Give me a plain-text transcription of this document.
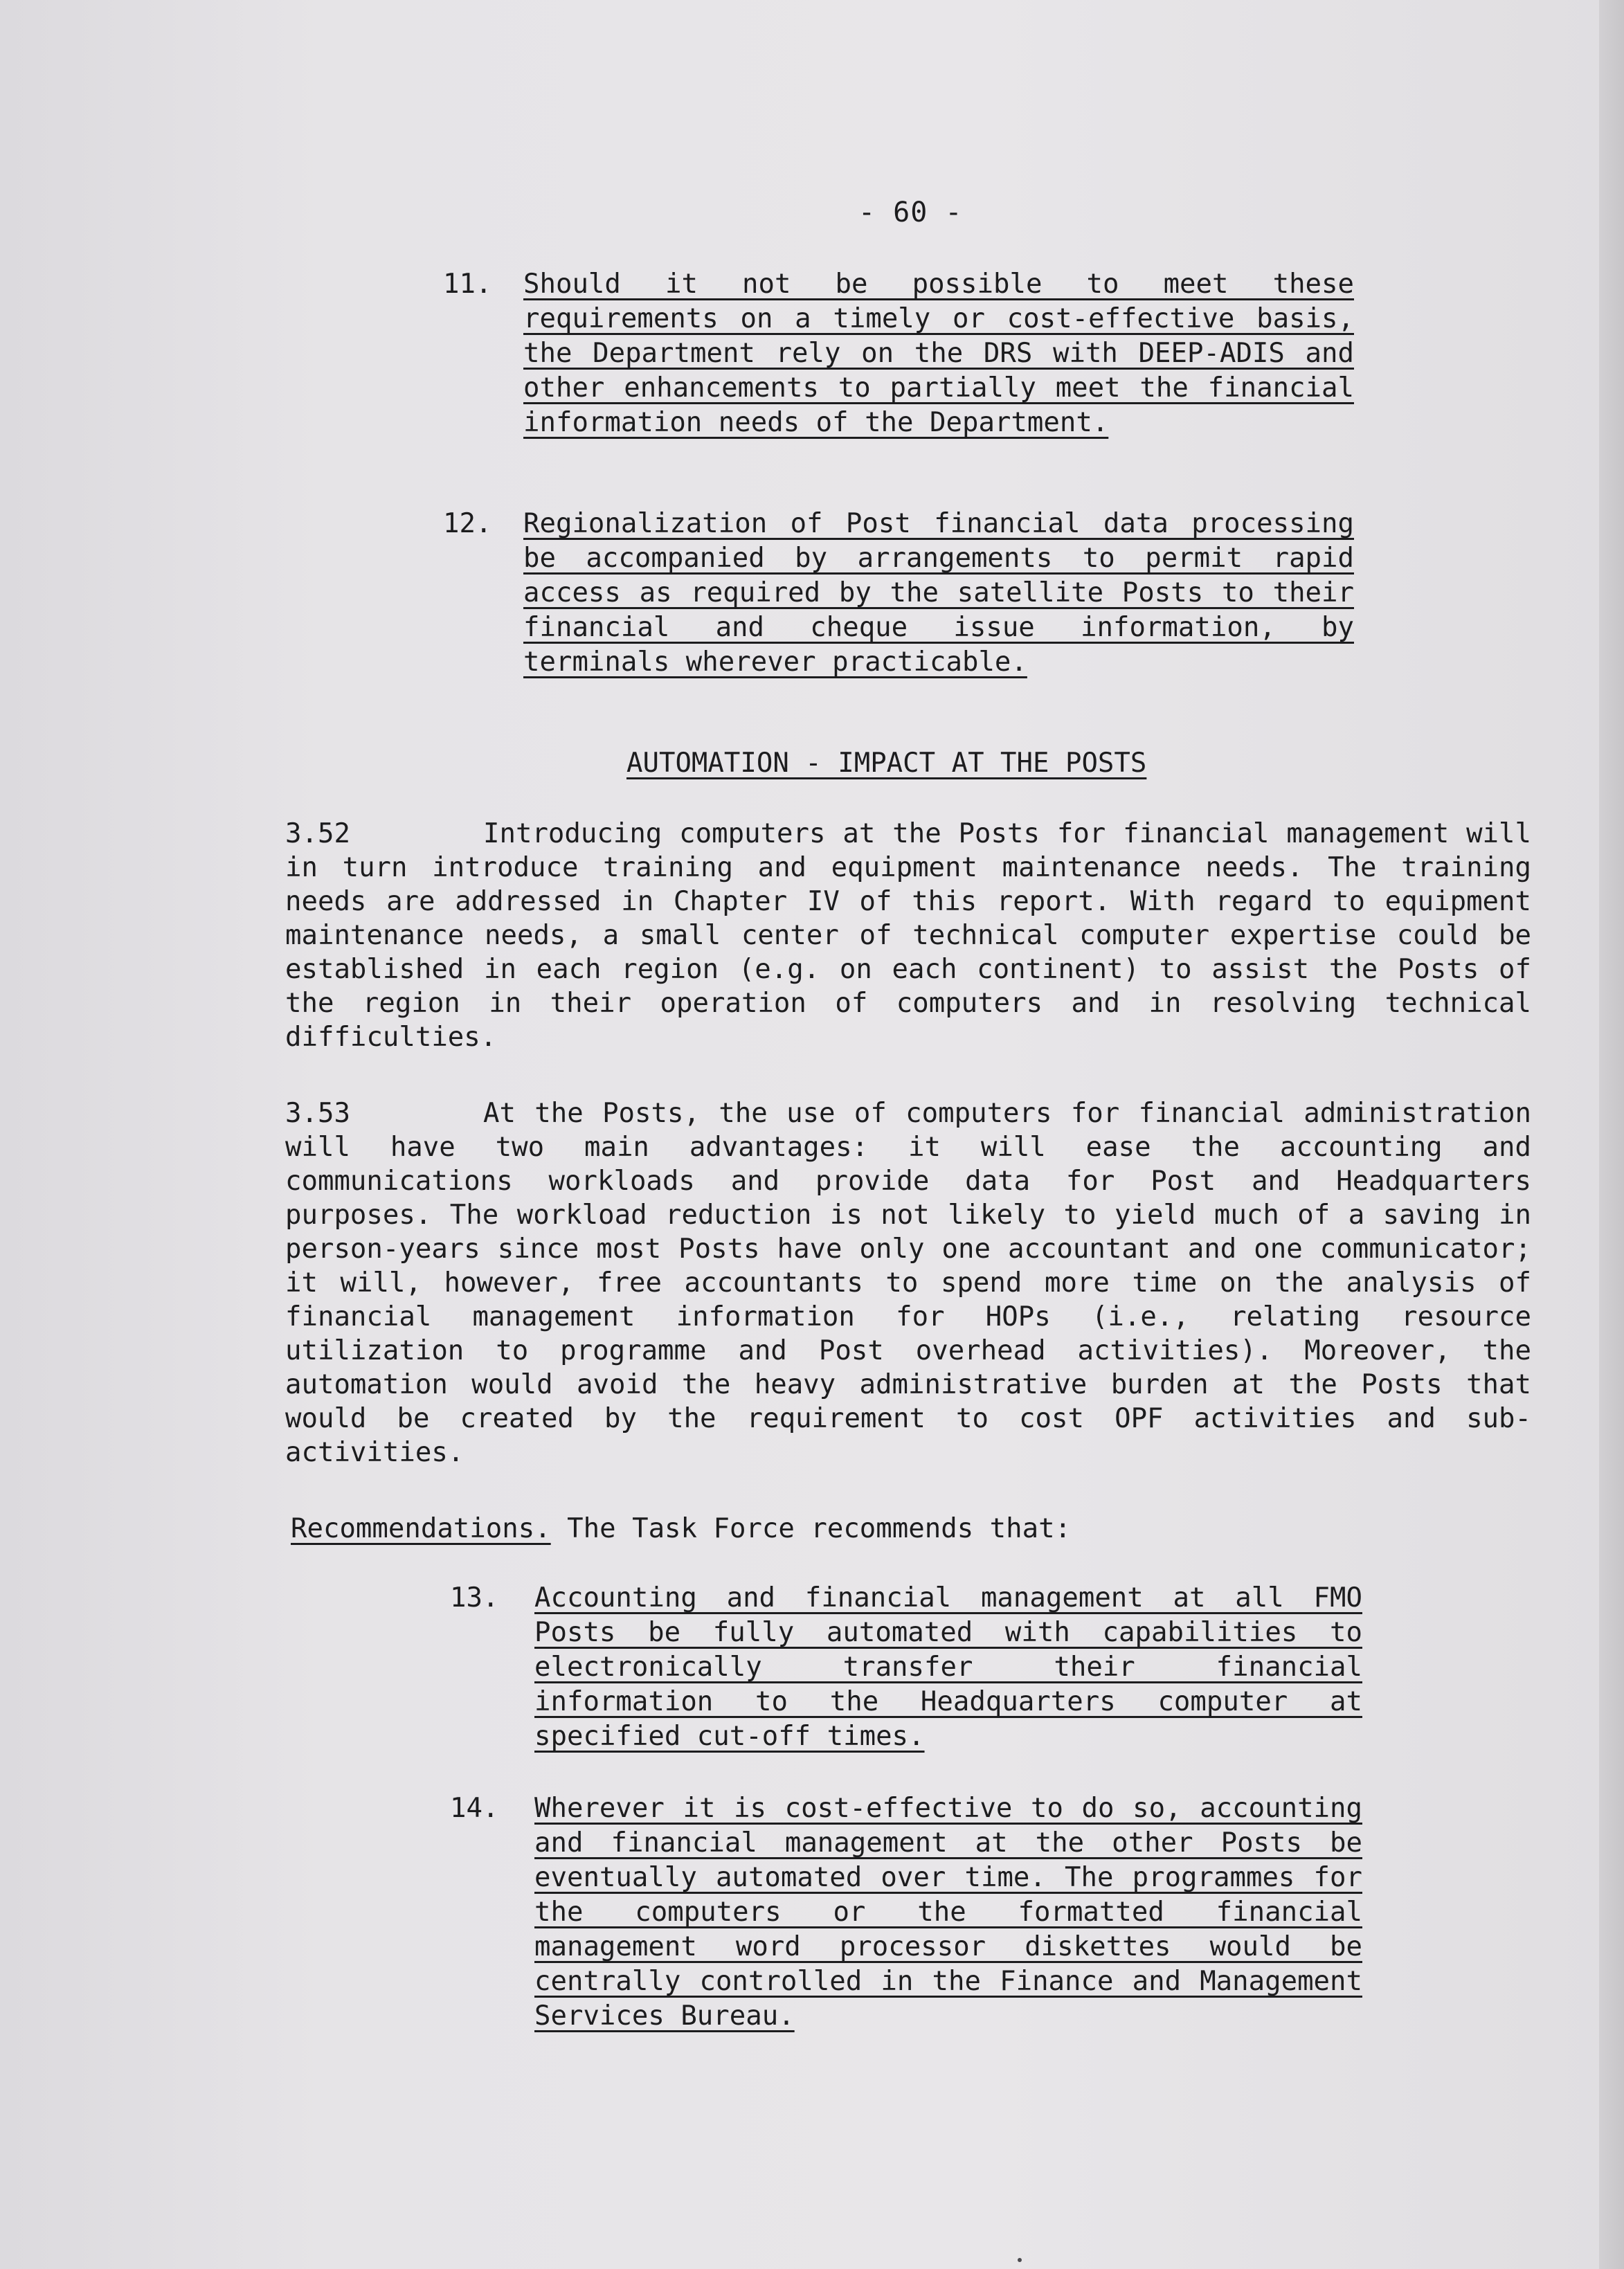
- 60 -
11. Should it not be possible to meet these requirements on a timely or cost-effective basis, the Department rely on the DRS with DEEP-ADIS and other enhancements to partially meet the financial information needs of the Department.
12. Regionalization of Post financial data processing be accompanied by arrangements to permit rapid access as required by the satellite Posts to their financial and cheque issue information, by terminals wherever practicable.
AUTOMATION - IMPACT AT THE POSTS
3.52	Introducing computers at the Posts for financial management will in turn introduce training and equipment maintenance needs. The training needs are addressed in Chapter IV of this report. With regard to equipment maintenance needs, a small center of technical computer expertise could be established in each region (e.g. on each continent) to assist the Posts of the region in their operation of computers and in resolving technical difficulties.
3.53	At the Posts, the use of computers for financial administration will have two main advantages: it will ease the accounting and communications workloads and provide data for Post and Headquarters purposes. The workload reduction is not likely to yield much of a saving in person-years since most Posts have only one accountant and one communicator; it will, however, free accountants to spend more time on the analysis of financial management information for HOPs (i.e., relating resource utilization to programme and Post overhead activities). Moreover, the automation would avoid the heavy administrative burden at the Posts that would be created by the requirement to cost OPF activities and sub-activities.
Recommendations. The Task Force recommends that:
13. Accounting and financial management at all FMO Posts be fully automated with capabilities to electronically transfer their financial information to the Headquarters computer at specified cut-off times.
14. Wherever it is cost-effective to do so, accounting and financial management at the other Posts be eventually automated over time. The programmes for the computers or the formatted financial management word processor diskettes would be centrally controlled in the Finance and Management Services Bureau.
